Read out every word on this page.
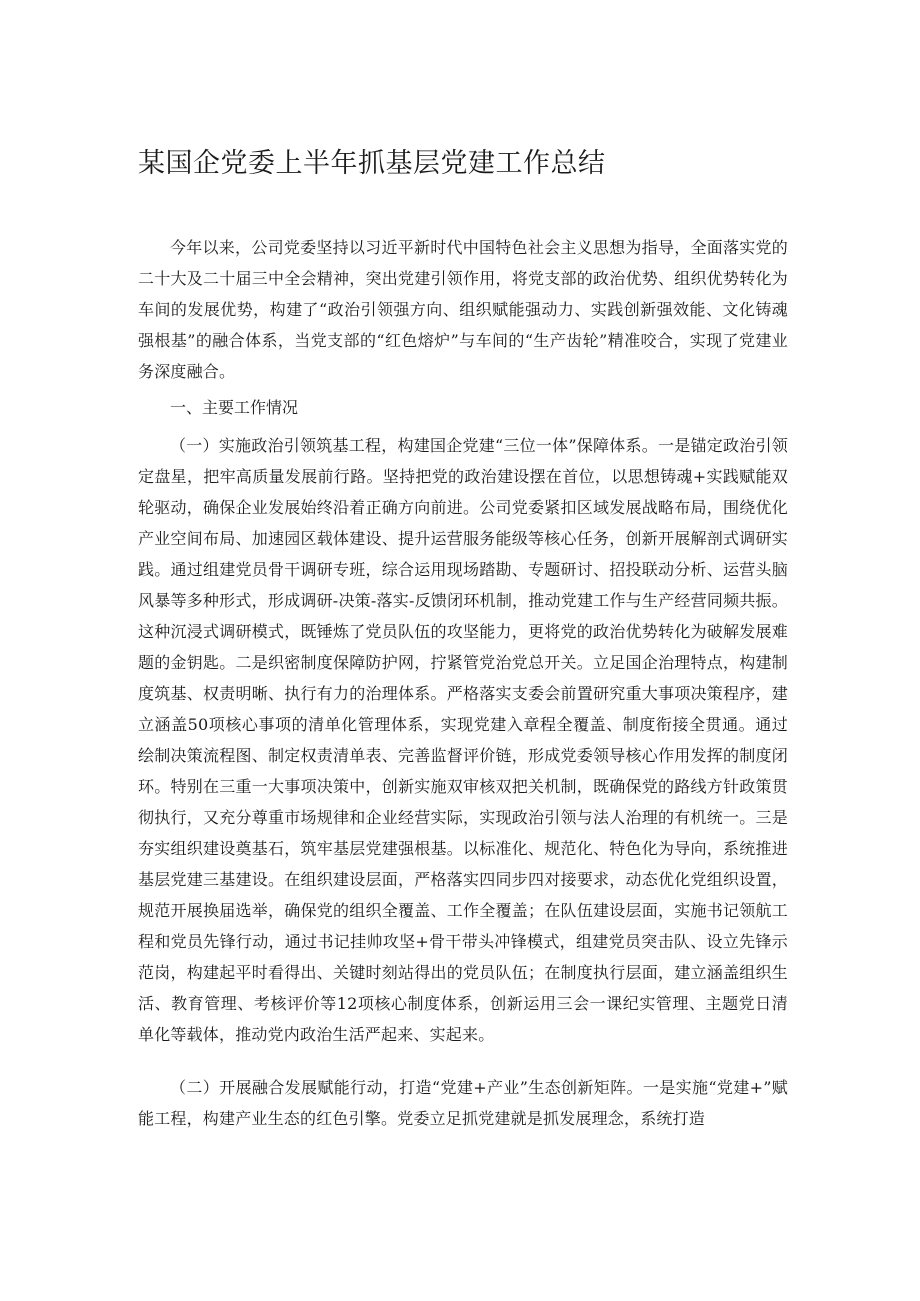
某国企党委上半年抓基层党建工作总结

今年以来，公司党委坚持以习近平新时代中国特色社会主义思想为指导，全面落实党的二十大及二十届三中全会精神，突出党建引领作用，将党支部的政治优势、组织优势转化为车间的发展优势，构建了“政治引领强方向、组织赋能强动力、实践创新强效能、文化铸魂强根基”的融合体系，当党支部的“红色熔炉”与车间的“生产齿轮”精准咬合，实现了党建业务深度融合。

一、主要工作情况

（一）实施政治引领筑基工程，构建国企党建“三位一体”保障体系。一是锚定政治引领定盘星，把牢高质量发展前行路。坚持把党的政治建设摆在首位，以思想铸魂+实践赋能双轮驱动，确保企业发展始终沿着正确方向前进。公司党委紧扣区域发展战略布局，围绕优化产业空间布局、加速园区载体建设、提升运营服务能级等核心任务，创新开展解剖式调研实践。通过组建党员骨干调研专班，综合运用现场踏勘、专题研讨、招投联动分析、运营头脑风暴等多种形式，形成调研-决策-落实-反馈闭环机制，推动党建工作与生产经营同频共振。这种沉浸式调研模式，既锤炼了党员队伍的攻坚能力，更将党的政治优势转化为破解发展难题的金钥匙。二是织密制度保障防护网，拧紧管党治党总开关。立足国企治理特点，构建制度筑基、权责明晰、执行有力的治理体系。严格落实支委会前置研究重大事项决策程序，建立涵盖50项核心事项的清单化管理体系，实现党建入章程全覆盖、制度衔接全贯通。通过绘制决策流程图、制定权责清单表、完善监督评价链，形成党委领导核心作用发挥的制度闭环。特别在三重一大事项决策中，创新实施双审核双把关机制，既确保党的路线方针政策贯彻执行，又充分尊重市场规律和企业经营实际，实现政治引领与法人治理的有机统一。三是夯实组织建设奠基石，筑牢基层党建强根基。以标准化、规范化、特色化为导向，系统推进基层党建三基建设。在组织建设层面，严格落实四同步四对接要求，动态优化党组织设置，规范开展换届选举，确保党的组织全覆盖、工作全覆盖；在队伍建设层面，实施书记领航工程和党员先锋行动，通过书记挂帅攻坚+骨干带头冲锋模式，组建党员突击队、设立先锋示范岗，构建起平时看得出、关键时刻站得出的党员队伍；在制度执行层面，建立涵盖组织生活、教育管理、考核评价等12项核心制度体系，创新运用三会一课纪实管理、主题党日清单化等载体，推动党内政治生活严起来、实起来。

（二）开展融合发展赋能行动，打造“党建+产业”生态创新矩阵。一是实施“党建+”赋能工程，构建产业生态的红色引擎。党委立足抓党建就是抓发展理念，系统打造
